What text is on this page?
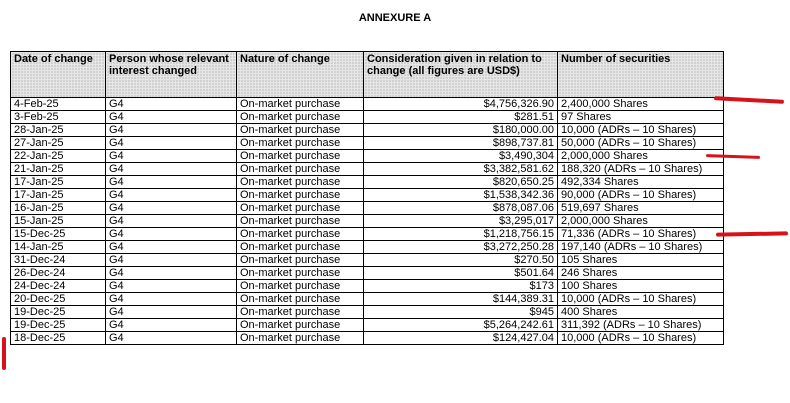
ANNEXURE A
Date of change	Person whose relevant interest changed	Nature of change	Consideration given in relation to change (all figures are USD$)	Number of securities
4-Feb-25	G4	On-market purchase	$4,756,326.90	2,400,000 Shares
3-Feb-25	G4	On-market purchase	$281.51	97 Shares
28-Jan-25	G4	On-market purchase	$180,000.00	10,000 (ADRs – 10 Shares)
27-Jan-25	G4	On-market purchase	$898,737.81	50,000 (ADRs – 10 Shares)
22-Jan-25	G4	On-market purchase	$3,490,304	2,000,000 Shares
21-Jan-25	G4	On-market purchase	$3,382,581.62	188,320 (ADRs – 10 Shares)
17-Jan-25	G4	On-market purchase	$820,650.25	492,334 Shares
17-Jan-25	G4	On-market purchase	$1,538,342.36	90,000 (ADRs – 10 Shares)
16-Jan-25	G4	On-market purchase	$878,087.06	519,697 Shares
15-Jan-25	G4	On-market purchase	$3,295,017	2,000,000 Shares
15-Dec-25	G4	On-market purchase	$1,218,756.15	71,336 (ADRs – 10 Shares)
14-Jan-25	G4	On-market purchase	$3,272,250.28	197,140 (ADRs – 10 Shares)
31-Dec-24	G4	On-market purchase	$270.50	105 Shares
26-Dec-24	G4	On-market purchase	$501.64	246 Shares
24-Dec-24	G4	On-market purchase	$173	100 Shares
20-Dec-25	G4	On-market purchase	$144,389.31	10,000 (ADRs – 10 Shares)
19-Dec-25	G4	On-market purchase	$945	400 Shares
19-Dec-25	G4	On-market purchase	$5,264,242.61	311,392 (ADRs – 10 Shares)
18-Dec-25	G4	On-market purchase	$124,427.04	10,000 (ADRs – 10 Shares)
